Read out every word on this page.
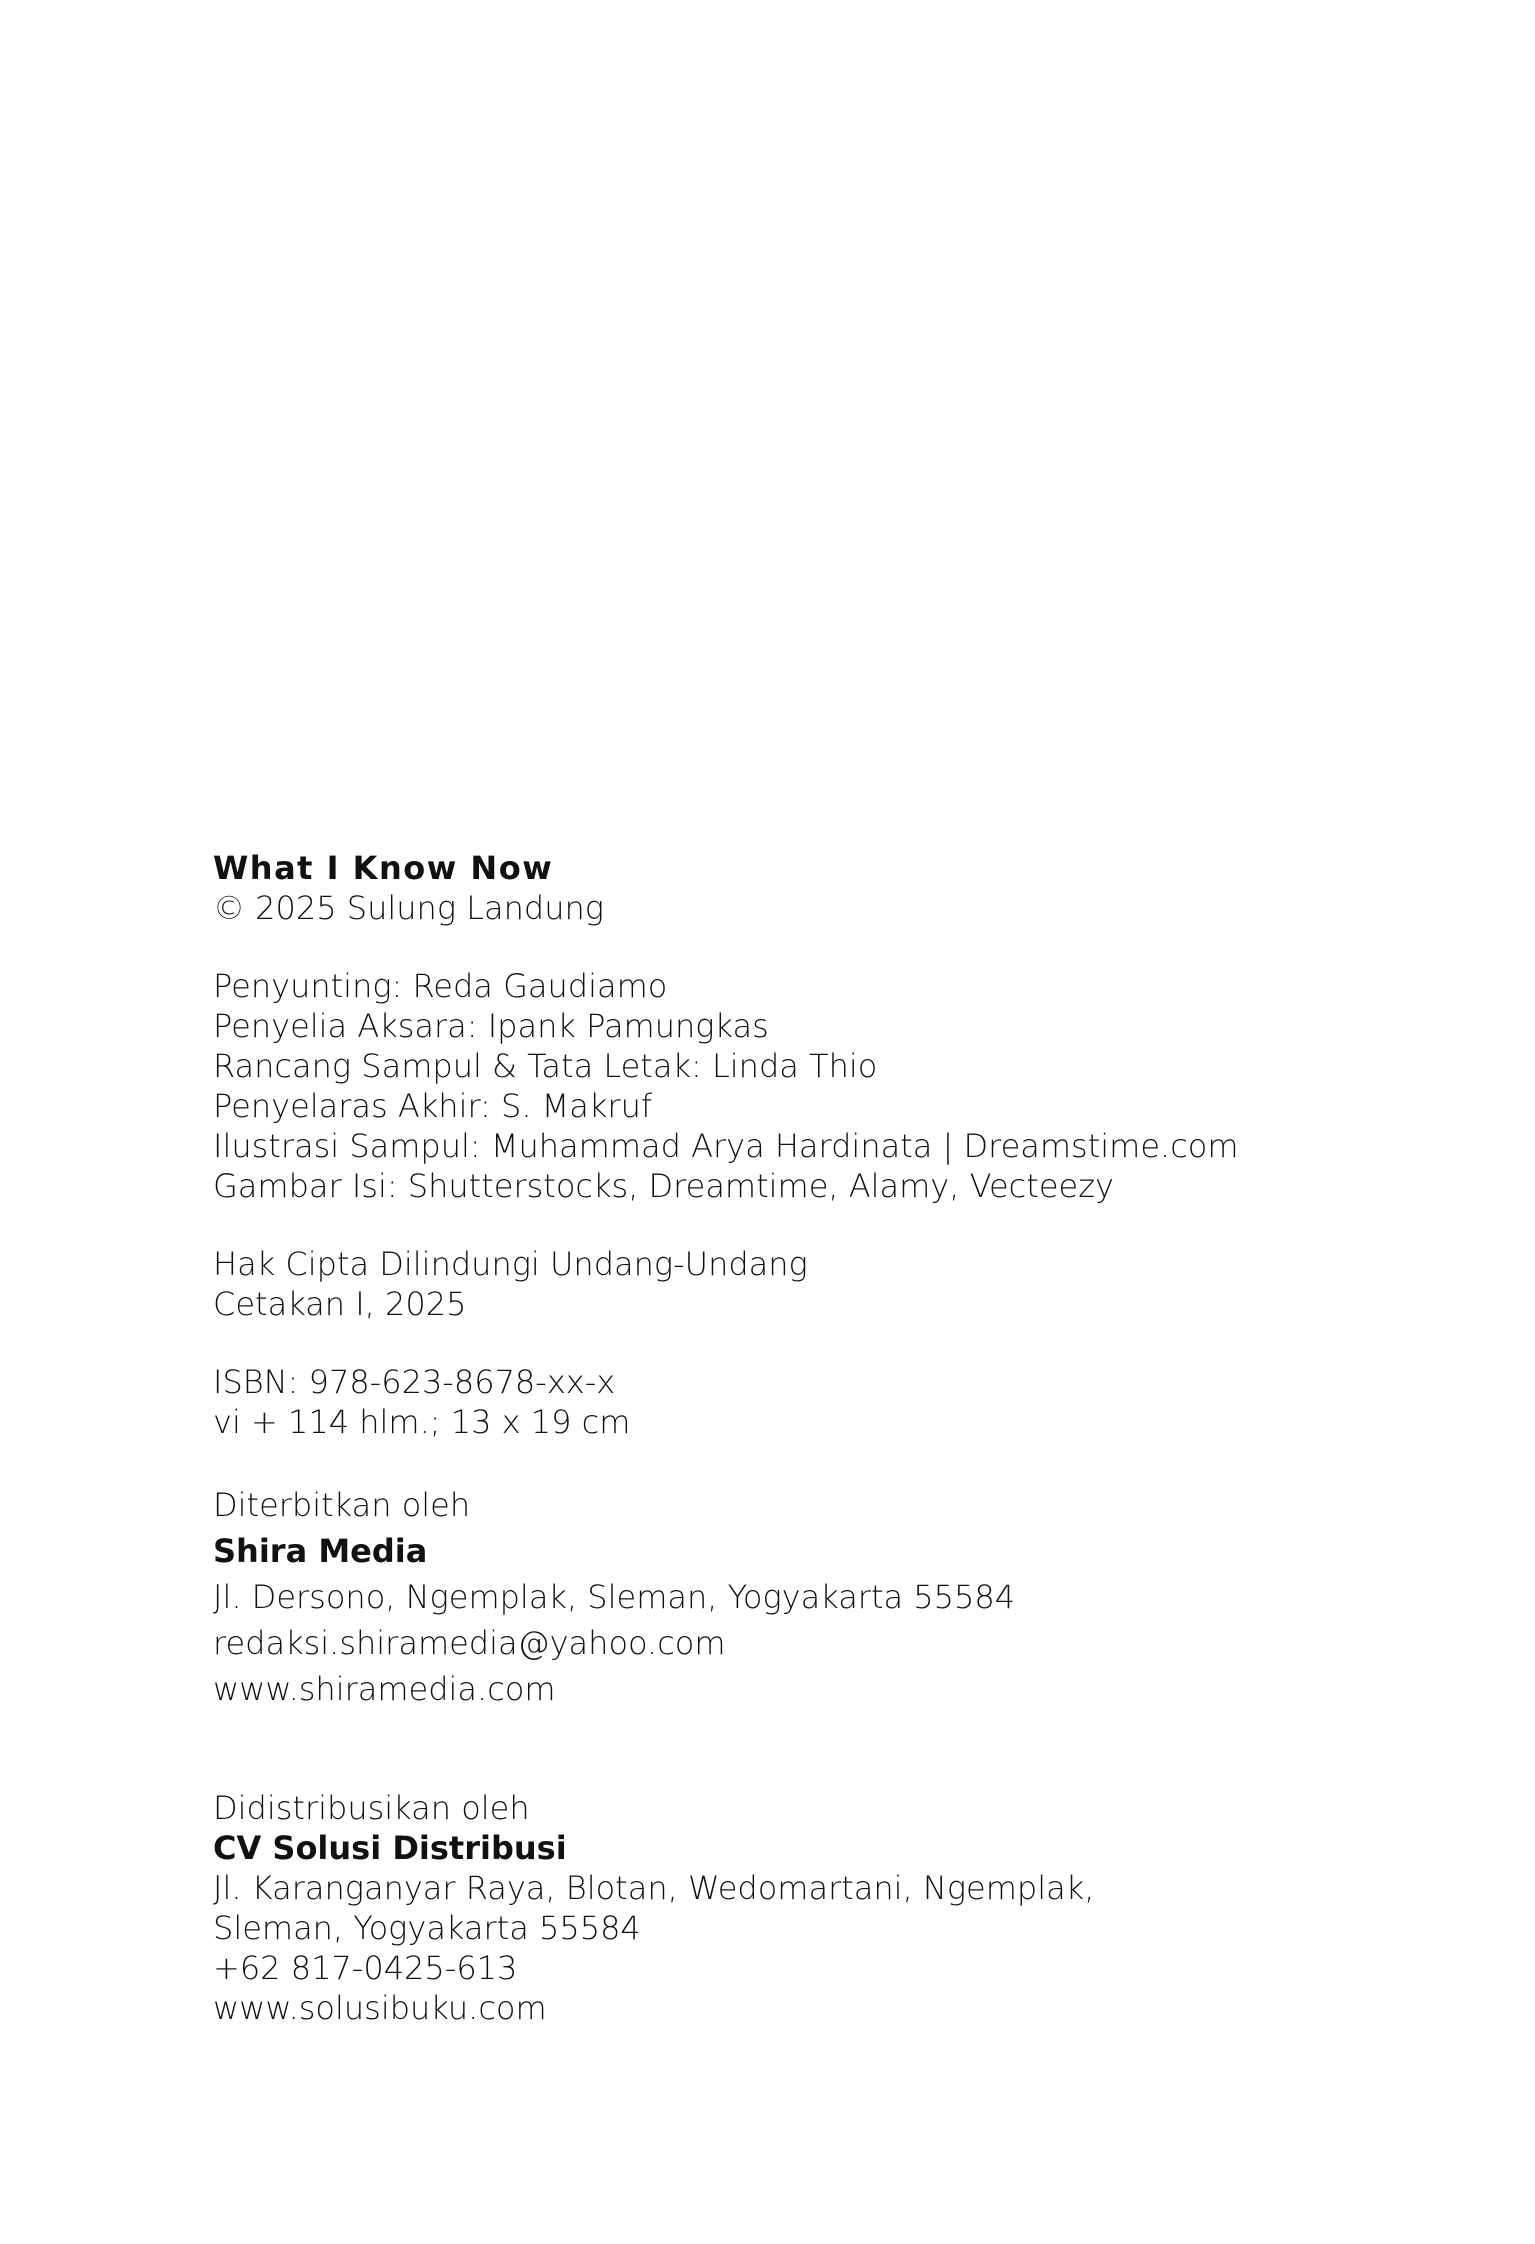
What I Know Now
© 2025 Sulung Landung
Penyunting: Reda Gaudiamo
Penyelia Aksara: Ipank Pamungkas
Rancang Sampul & Tata Letak: Linda Thio
Penyelaras Akhir: S. Makruf
Ilustrasi Sampul: Muhammad Arya Hardinata | Dreamstime.com
Gambar Isi: Shutterstocks, Dreamtime, Alamy, Vecteezy
Hak Cipta Dilindungi Undang-Undang
Cetakan I, 2025
ISBN: 978-623-8678-xx-x
vi + 114 hlm.; 13 x 19 cm
Diterbitkan oleh
Shira Media
Jl. Dersono, Ngemplak, Sleman, Yogyakarta 55584
redaksi.shiramedia@yahoo.com
www.shiramedia.com
Didistribusikan oleh
CV Solusi Distribusi
Jl. Karanganyar Raya, Blotan, Wedomartani, Ngemplak,
Sleman, Yogyakarta 55584
+62 817-0425-613
www.solusibuku.com
